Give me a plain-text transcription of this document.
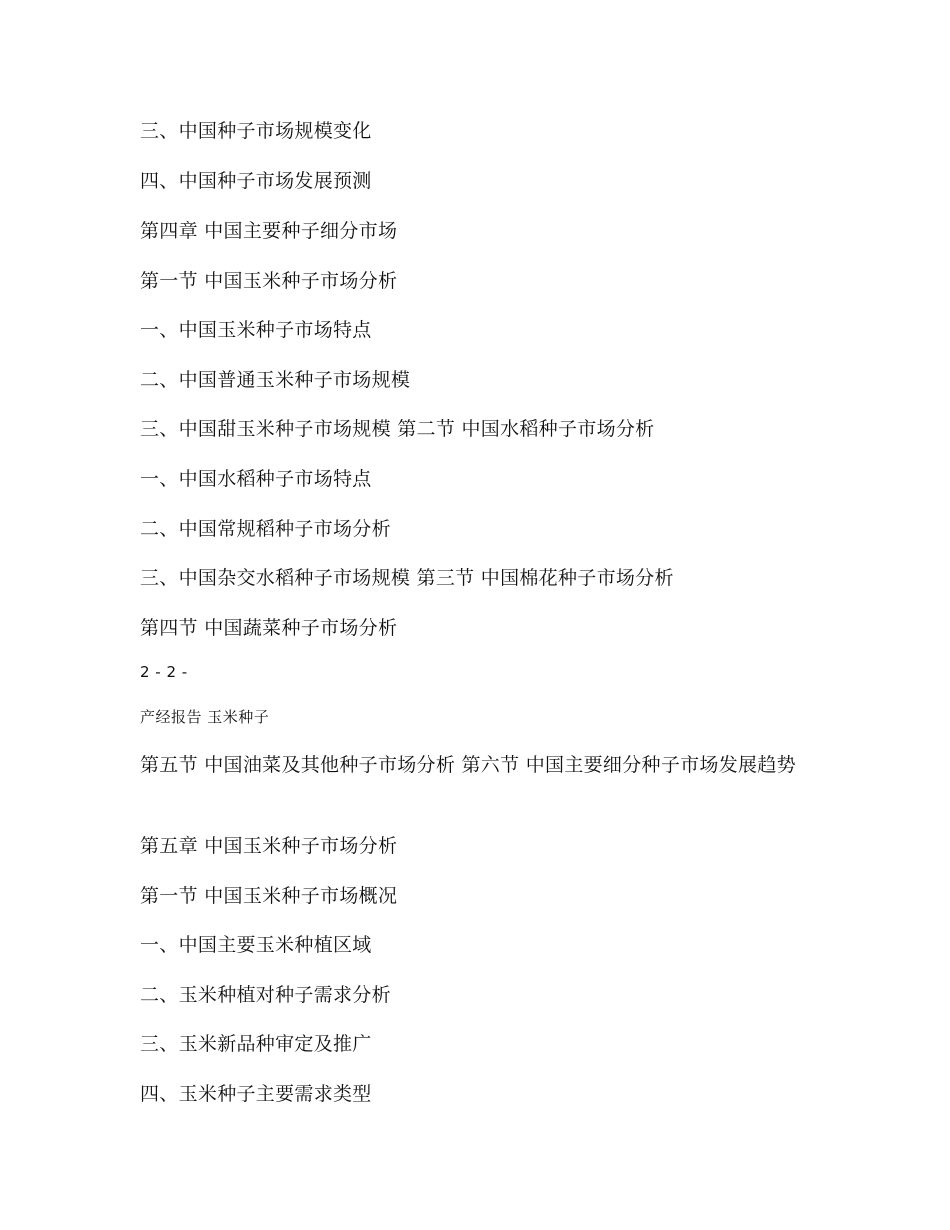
三、中国种子市场规模变化
四、中国种子市场发展预测
第四章 中国主要种子细分市场
第一节 中国玉米种子市场分析
一、中国玉米种子市场特点
二、中国普通玉米种子市场规模
三、中国甜玉米种子市场规模 第二节 中国水稻种子市场分析
一、中国水稻种子市场特点
二、中国常规稻种子市场分析
三、中国杂交水稻种子市场规模 第三节 中国棉花种子市场分析
第四节 中国蔬菜种子市场分析
2 - 2 -
产经报告 玉米种子
第五节 中国油菜及其他种子市场分析 第六节 中国主要细分种子市场发展趋势
第五章 中国玉米种子市场分析
第一节 中国玉米种子市场概况
一、中国主要玉米种植区域
二、玉米种植对种子需求分析
三、玉米新品种审定及推广
四、玉米种子主要需求类型
